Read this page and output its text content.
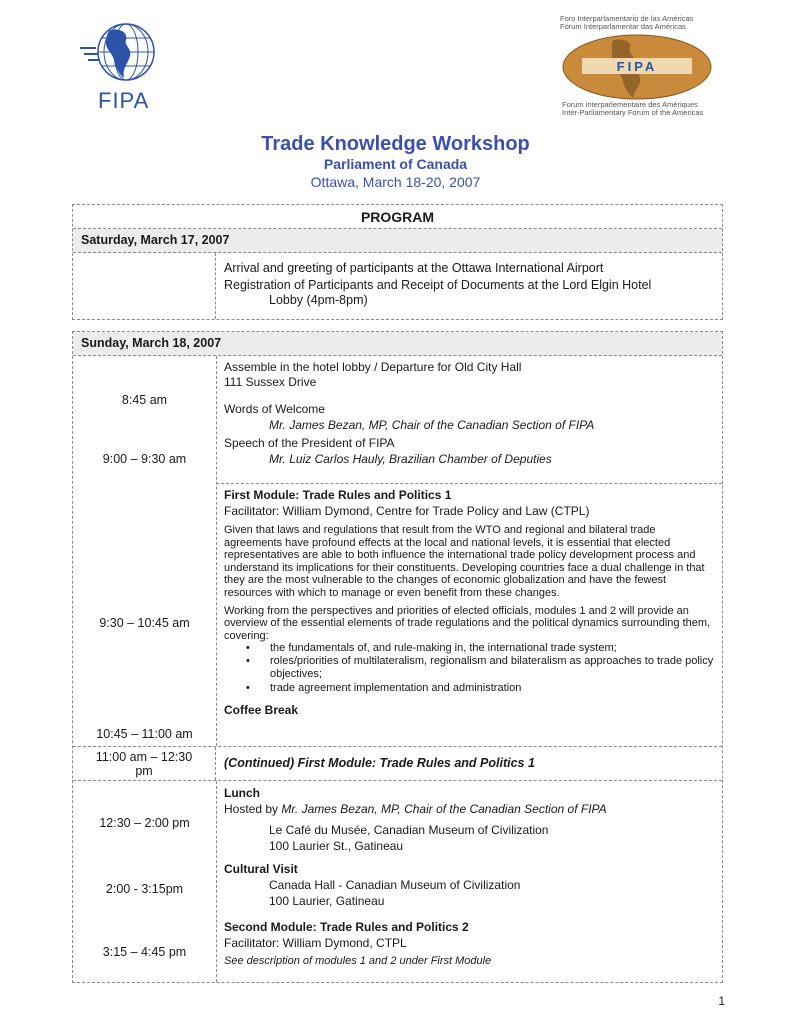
FIPA
Foro Interparlamentario de las Américas
Fórum Interparlamentar das Américas
FIPA
Forum interparlementaire des Amériques
Inter-Parliamentary Forum of the Americas
Trade Knowledge Workshop
Parliament of Canada
Ottawa, March 18-20, 2007
PROGRAM
Saturday, March 17, 2007
Arrival and greeting of participants at the Ottawa International Airport
Registration of Participants and Receipt of Documents at the Lord Elgin Hotel
Lobby (4pm-8pm)
Sunday, March 18, 2007
8:45 am
9:00 – 9:30 am
9:30 – 10:45 am
10:45 – 11:00 am
Assemble in the hotel lobby / Departure for Old City Hall
111 Sussex Drive
Words of Welcome
Mr. James Bezan, MP, Chair of the Canadian Section of FIPA
Speech of the President of FIPA
Mr. Luiz Carlos Hauly, Brazilian Chamber of Deputies
First Module: Trade Rules and Politics 1
Facilitator: William Dymond, Centre for Trade Policy and Law (CTPL)
Given that laws and regulations that result from the WTO and regional and bilateral trade agreements have profound effects at the local and national levels, it is essential that elected representatives are able to both influence the international trade policy development process and understand its implications for their constituents. Developing countries face a dual challenge in that they are the most vulnerable to the changes of economic globalization and have the fewest resources with which to manage or even benefit from these changes.
Working from the perspectives and priorities of elected officials, modules 1 and 2 will provide an overview of the essential elements of trade regulations and the political dynamics surrounding them, covering:
• the fundamentals of, and rule-making in, the international trade system;
• roles/priorities of multilateralism, regionalism and bilateralism as approaches to trade policy objectives;
• trade agreement implementation and administration
Coffee Break
11:00 am – 12:30
pm
(Continued) First Module: Trade Rules and Politics 1
12:30 – 2:00 pm
2:00 - 3:15pm
3:15 – 4:45 pm
Lunch
Hosted by Mr. James Bezan, MP, Chair of the Canadian Section of FIPA
Le Café du Musée, Canadian Museum of Civilization
100 Laurier St., Gatineau
Cultural Visit
Canada Hall - Canadian Museum of Civilization
100 Laurier, Gatineau
Second Module: Trade Rules and Politics 2
Facilitator: William Dymond, CTPL
See description of modules 1 and 2 under First Module
1
